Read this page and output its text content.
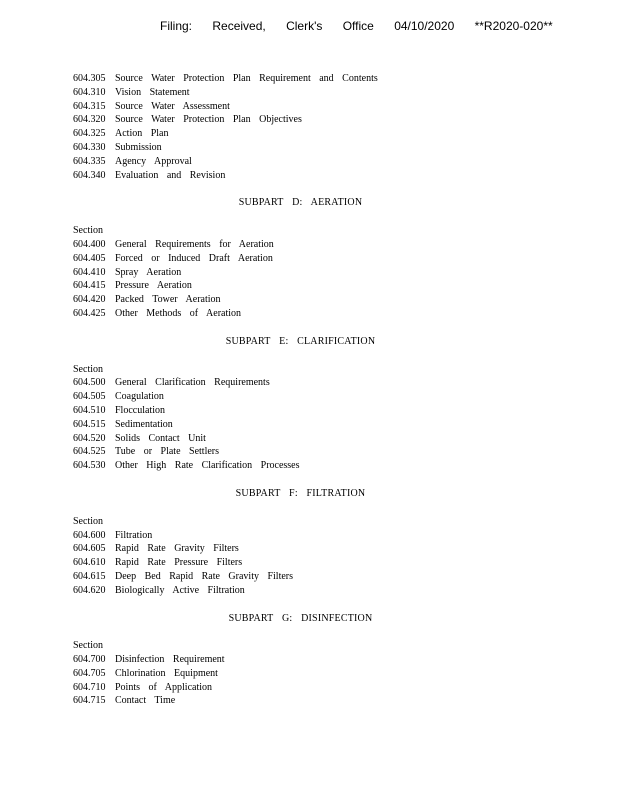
Filing: Received, Clerk's Office 04/10/2020 **R2020-020**
604.305 Source Water Protection Plan Requirement and Contents
604.310 Vision Statement
604.315 Source Water Assessment
604.320 Source Water Protection Plan Objectives
604.325 Action Plan
604.330 Submission
604.335 Agency Approval
604.340 Evaluation and Revision
SUBPART D: AERATION
Section
604.400 General Requirements for Aeration
604.405 Forced or Induced Draft Aeration
604.410 Spray Aeration
604.415 Pressure Aeration
604.420 Packed Tower Aeration
604.425 Other Methods of Aeration
SUBPART E: CLARIFICATION
Section
604.500 General Clarification Requirements
604.505 Coagulation
604.510 Flocculation
604.515 Sedimentation
604.520 Solids Contact Unit
604.525 Tube or Plate Settlers
604.530 Other High Rate Clarification Processes
SUBPART F: FILTRATION
Section
604.600 Filtration
604.605 Rapid Rate Gravity Filters
604.610 Rapid Rate Pressure Filters
604.615 Deep Bed Rapid Rate Gravity Filters
604.620 Biologically Active Filtration
SUBPART G: DISINFECTION
Section
604.700 Disinfection Requirement
604.705 Chlorination Equipment
604.710 Points of Application
604.715 Contact Time
